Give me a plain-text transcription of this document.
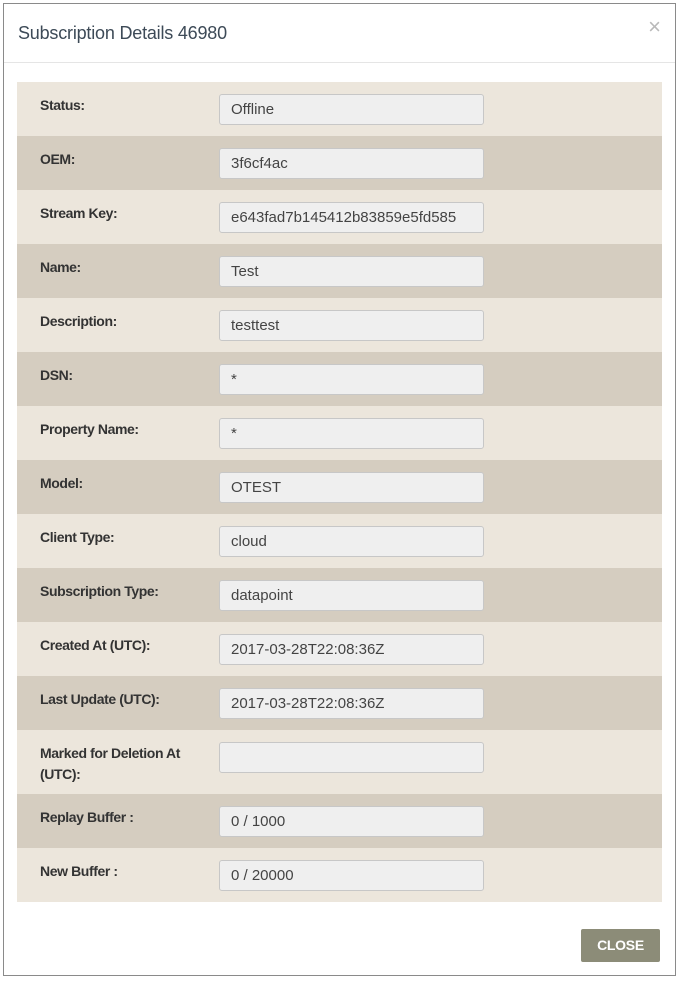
Subscription Details 46980	×
Status:	Offline
OEM:	3f6cf4ac
Stream Key:	e643fad7b145412b83859e5fd585
Name:	Test
Description:	testtest
DSN:	*
Property Name:	*
Model:	OTEST
Client Type:	cloud
Subscription Type:	datapoint
Created At (UTC):	2017-03-28T22:08:36Z
Last Update (UTC):	2017-03-28T22:08:36Z
Marked for Deletion At (UTC):
Replay Buffer :	0 / 1000
New Buffer :	0 / 20000
CLOSE
